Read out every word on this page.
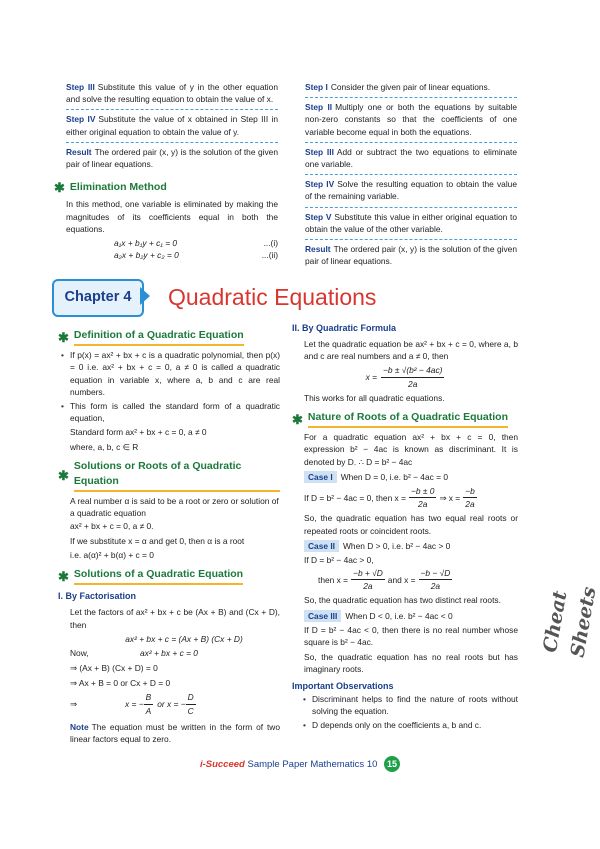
Step III Substitute this value of y in the other equation and solve the resulting equation to obtain the value of x.
Step IV Substitute the value of x obtained in Step III in either original equation to obtain the value of y.
Result The ordered pair (x, y) is the solution of the given pair of linear equations.
✱ Elimination Method

In this method, one variable is eliminated by making the magnitudes of its coefficients equal in both the equations.

a₁x + b₁y + c₁ = 0	...(i)
a₂x + b₂y + c₂ = 0	...(ii)
Step I Consider the given pair of linear equations.
Step II Multiply one or both the equations by suitable non-zero constants so that the coefficients of one variable become equal in both the equations.
Step III Add or subtract the two equations to eliminate one variable.
Step IV Solve the resulting equation to obtain the value of the remaining variable.
Step V Substitute this value in either original equation to obtain the value of the other variable.
Result The ordered pair (x, y) is the solution of the given pair of linear equations.
Chapter 4	Quadratic Equations
✱ Definition of a Quadratic Equation
• If p(x) = ax² + bx + c is a quadratic polynomial, then p(x) = 0 i.e. ax² + bx + c = 0, a ≠ 0 is called a quadratic equation in variable x, where a, b and c are real numbers.
• This form is called the standard form of a quadratic equation,

Standard form ax² + bx + c = 0, a ≠ 0

where, a, b, c ∈ R

✱
Solutions or Roots of a Quadratic Equation

A real number α is said to be a root or zero or solution of a quadratic equation

ax² + bx + c = 0, a ≠ 0.

If we substitute x = α and get 0, then α is a root

i.e. a(α)² + b(α) + c = 0

✱ Solutions of a Quadratic Equation
I. By Factorisation

Let the factors of ax² + bx + c be (Ax + B) and (Cx + D), then

ax² + bx + c = (Ax + B) (Cx + D)

Now,	ax² + bx + c = 0

⇒ (Ax + B) (Cx + D) = 0

⇒ Ax + B = 0 or Cx + D = 0

⇒	x = − $\frac{B}{A}$ or x = − $\frac{D}{C}$

Note The equation must be written in the form of two linear factors equal to zero.

II. By Quadratic Formula

Let the quadratic equation be ax² + bx + c = 0, where a, b and c are real numbers and a ≠ 0, then

$x = \frac{\text{−b ± √(b² − 4ac)}}{2a}$

This works for all quadratic equations.

✱ Nature of Roots of a Quadratic Equation

For a quadratic equation ax² + bx + c = 0, then expression b² − 4ac is known as discriminant. It is denoted by D. ∴ D = b² − 4ac

Case I When D = 0, i.e. b² − 4ac = 0

If D = b² − 4ac = 0, then $x = \frac{-b \pm 0}{2a}$ ⇒ $x = \frac{-b}{2a}$

So, the quadratic equation has two equal real roots or repeated roots or coincident roots.

Case II When D > 0, i.e. b² − 4ac > 0

If D = b² − 4ac > 0,

then $x = \frac{-b + √D}{2a}$ and $x = \frac{-b - √D}{2a}$

So, the quadratic equation has two distinct real roots.

Case III When D < 0, i.e. b² − 4ac < 0

If D = b² − 4ac < 0, then there is no real number whose square is b² − 4ac.

So, the quadratic equation has no real roots but has imaginary roots.

Important Observations
• Discriminant helps to find the nature of roots without solving the equation.
• D depends only on the coefficients a, b and c.
Cheat Sheets
i-Succeed Sample Paper Mathematics 10 15
